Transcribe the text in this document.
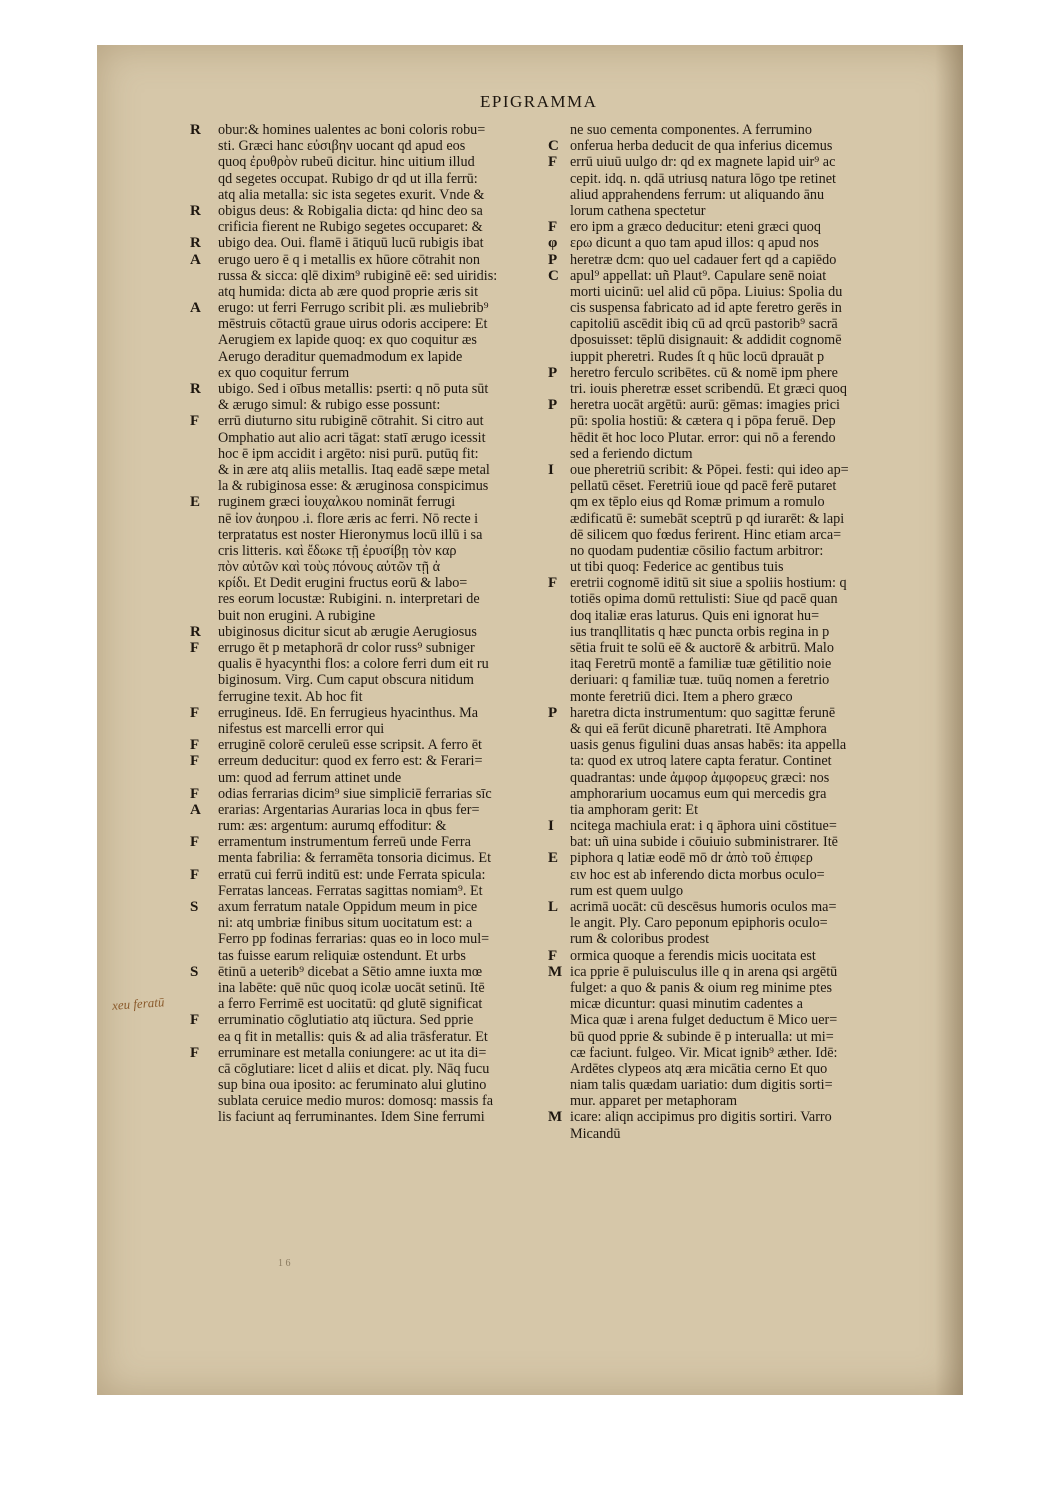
EPIGRAMMA
R obur:& homines ualentes ac boni coloris robu=
sti. Græci hanc εὐσιβην uocant qd apud eos
quoq ἐρυθρὸν rubeū dicitur. hinc uitium illud
qd segetes occupat. Rubigo dr qd ut illa ferrū:
atq alia metalla: sic ista segetes exurit. Vnde &
R obigus deus: & Robigalia dicta: qd hinc deo sa
crificia fierent ne Rubigo segetes occuparet: &
R ubigo dea. Oui. flamē i ātiquū lucū rubigis ibat
A erugo uero ē q i metallis ex hūore cōtrahit non
russa & sicca: qlē dixim⁹ rubiginē eē: sed uiridis:
atq humida: dicta ab ære quod proprie æris sit
A erugo: ut ferri Ferrugo scribit pli. æs muliebrib⁹
mēstruis cōtactū graue uirus odoris accipere: Et
Aerugiem ex lapide quoq: ex quo coquitur æs
Aerugo deraditur quemadmodum ex lapide
ex quo coquitur ferrum
R ubigo. Sed i oībus metallis: pserti: q nō puta sūt
& ærugo simul: & rubigo esse possunt:
F errū diuturno situ rubiginē cōtrahit. Si citro aut
Omphatio aut alio acri tāgat: statī ærugo icessit
hoc ē ipm accidit i argēto: nisi purū. putūq fit:
& in ære atq aliis metallis. Itaq eadē sæpe metal
la & rubiginosa esse: & æruginosa conspicimus
E ruginem græci ἰουχαλκου nomināt ferrugi
nē ἰον ἀυηρου .i. flore æris ac ferri. Nō recte i
terpratatus est noster Hieronymus locū illū i sa
cris litteris. καὶ ἔδωκε τῇ ἐρυσίβῃ τὸν καρ
πὸν αὐτῶν καὶ τοὺς πόνους αὐτῶν τῇ ἀ
κρίδι. Et Dedit erugini fructus eorū & labo=
res eorum locustæ: Rubigini. n. interpretari de
buit non erugini. A rubigine
R ubiginosus dicitur sicut ab ærugie Aerugiosus
F errugo ēt p metaphorā dr color russ⁹ subniger
qualis ē hyacynthi flos: a colore ferri dum eit ru
biginosum. Virg. Cum caput obscura nitidum
ferrugine texit. Ab hoc fit
F errugineus. Idē. En ferrugieus hyacinthus. Ma
nifestus est marcelli error qui
F erruginē colorē ceruleū esse scripsit. A ferro ēt
F erreum deducitur: quod ex ferro est: & Ferari=
um: quod ad ferrum attinet unde
F odias ferrarias dicim⁹ siue simpliciē ferrarias sīc
A erarias: Argentarias Aurarias loca in qbus fer=
rum: æs: argentum: aurumq effoditur: &
F erramentum instrumentum ferreū unde Ferra
menta fabrilia: & ferramēta tonsoria dicimus. Et
F erratū cui ferrū inditū est: unde Ferrata spicula:
Ferratas lanceas. Ferratas sagittas nomiam⁹. Et
S axum ferratum natale Oppidum meum in pice
ni: atq umbriæ finibus situm uocitatum est: a
Ferro pp fodinas ferrarias: quas eo in loco mul=
tas fuisse earum reliquiæ ostendunt. Et urbs
S ētinū a ueterib⁹ dicebat a Sētio amne iuxta mœ
ina labēte: quē nūc quoq icolæ uocāt setinū. Itē
a ferro Ferrimē est uocitatū: qd glutē significat
F erruminatio cōglutiatio atq iūctura. Sed pprie
ea q fit in metallis: quis & ad alia trāsferatur. Et
F erruminare est metalla coniungere: ac ut ita di=
cā cōglutiare: licet d aliis et dicat. ply. Nāq fucu
sup bina oua iposito: ac feruminato alui glutino
sublata ceruice medio muros: domosq: massis fa
lis faciunt aq ferruminantes. Idem Sine ferrumi
ne suo cementa componentes. A ferrumino
C onferua herba deducit de qua inferius dicemus
F errū uiuū uulgo dr: qd ex magnete lapid uir⁹ ac
cepit. idq. n. qdā utriusq natura lōgo tpe retinet
aliud apprahendens ferrum: ut aliquando ānu
lorum cathena spectetur
F ero ipm a græco deducitur: eteni græci quoq
φ ερω dicunt a quo tam apud illos: q apud nos
P heretræ dcm: quo uel cadauer fert qd a capiēdo
C apul⁹ appellat: uñ Plaut⁹. Capulare senē noiat
morti uicinū: uel alid cū pōpa. Liuius: Spolia du
cis suspensa fabricato ad id apte feretro gerēs in
capitoliū ascēdit ibiq cū ad qrcū pastorib⁹ sacrā
dposuisset: tēplū disignauit: & addidit cognomē
iuppit pheretri. Rudes ſt q hūc locū dprauāt p
P heretro ferculo scribētes. cū & nomē ipm phere
tri. iouis pheretræ esset scribendū. Et græci quoq
P heretra uocāt argētū: aurū: gēmas: imagies prici
pū: spolia hostiū: & cætera q i pōpa feruē. Dep
hēdit ēt hoc loco Plutar. error: qui nō a ferendo
sed a feriendo dictum
I oue pheretriū scribit: & Pōpei. festi: qui ideo ap=
pellatū cēset. Feretriū ioue qd pacē ferē putaret
qm ex tēplo eius qd Romæ primum a romulo
ædificatū ē: sumebāt sceptrū p qd iurarēt: & lapi
dē silicem quo fœdus ferirent. Hinc etiam arca=
no quodam pudentiæ cōsilio factum arbitror:
ut tibi quoq: Federice ac gentibus tuis
F eretrii cognomē iditū sit siue a spoliis hostium: q
totiēs opima domū rettulisti: Siue qd pacē quan
doq italiæ eras laturus. Quis eni ignorat hu=
ius tranqllitatis q hæc puncta orbis regina in p
sētia fruit te solū eē & auctorē & arbitrū. Malo
itaq Feretrū montē a familiæ tuæ gētilitio noie
deriuari: q familiæ tuæ. tuūq nomen a feretrio
monte feretriū dici. Item a phero græco
P haretra dicta instrumentum: quo sagittæ ferunē
& qui eā ferūt dicunē pharetrati. Itē Amphora
uasis genus figulini duas ansas habēs: ita appella
ta: quod ex utroq latere capta feratur. Continet
quadrantas: unde ἀμφορ ἀμφορευς græci: nos
amphorarium uocamus eum qui mercedis gra
tia amphoram gerit: Et
I ncitega machiula erat: i q āphora uini cōstitue=
bat: uñ uina subide i cōuiuio subministrarer. Itē
E piphora q latiæ eodē mō dr ἀπὸ τοῦ ἐπιφερ
ειν hoc est ab inferendo dicta morbus oculo=
rum est quem uulgo
L acrimā uocāt: cū descēsus humoris oculos ma=
le angit. Ply. Caro peponum epiphoris oculo=
rum & coloribus prodest
F ormica quoque a ferendis micis uocitata est
M ica pprie ē puluisculus ille q in arena qsi argētū
fulget: a quo & panis & oium reg minime ptes
micæ dicuntur: quasi minutim cadentes a
Mica quæ i arena fulget deductum ē Mico uer=
bū quod pprie & subinde ē p interualla: ut mi=
cæ faciunt. fulgeo. Vir. Micat ignib⁹ æther. Idē:
Ardētes clypeos atq æra micātia cerno Et quo
niam talis quædam uariatio: dum digitis sorti=
mur. apparet per metaphoram
M icare: aliqn accipimus pro digitis sortiri. Varro
Micandū
xeu feratū
1 6
